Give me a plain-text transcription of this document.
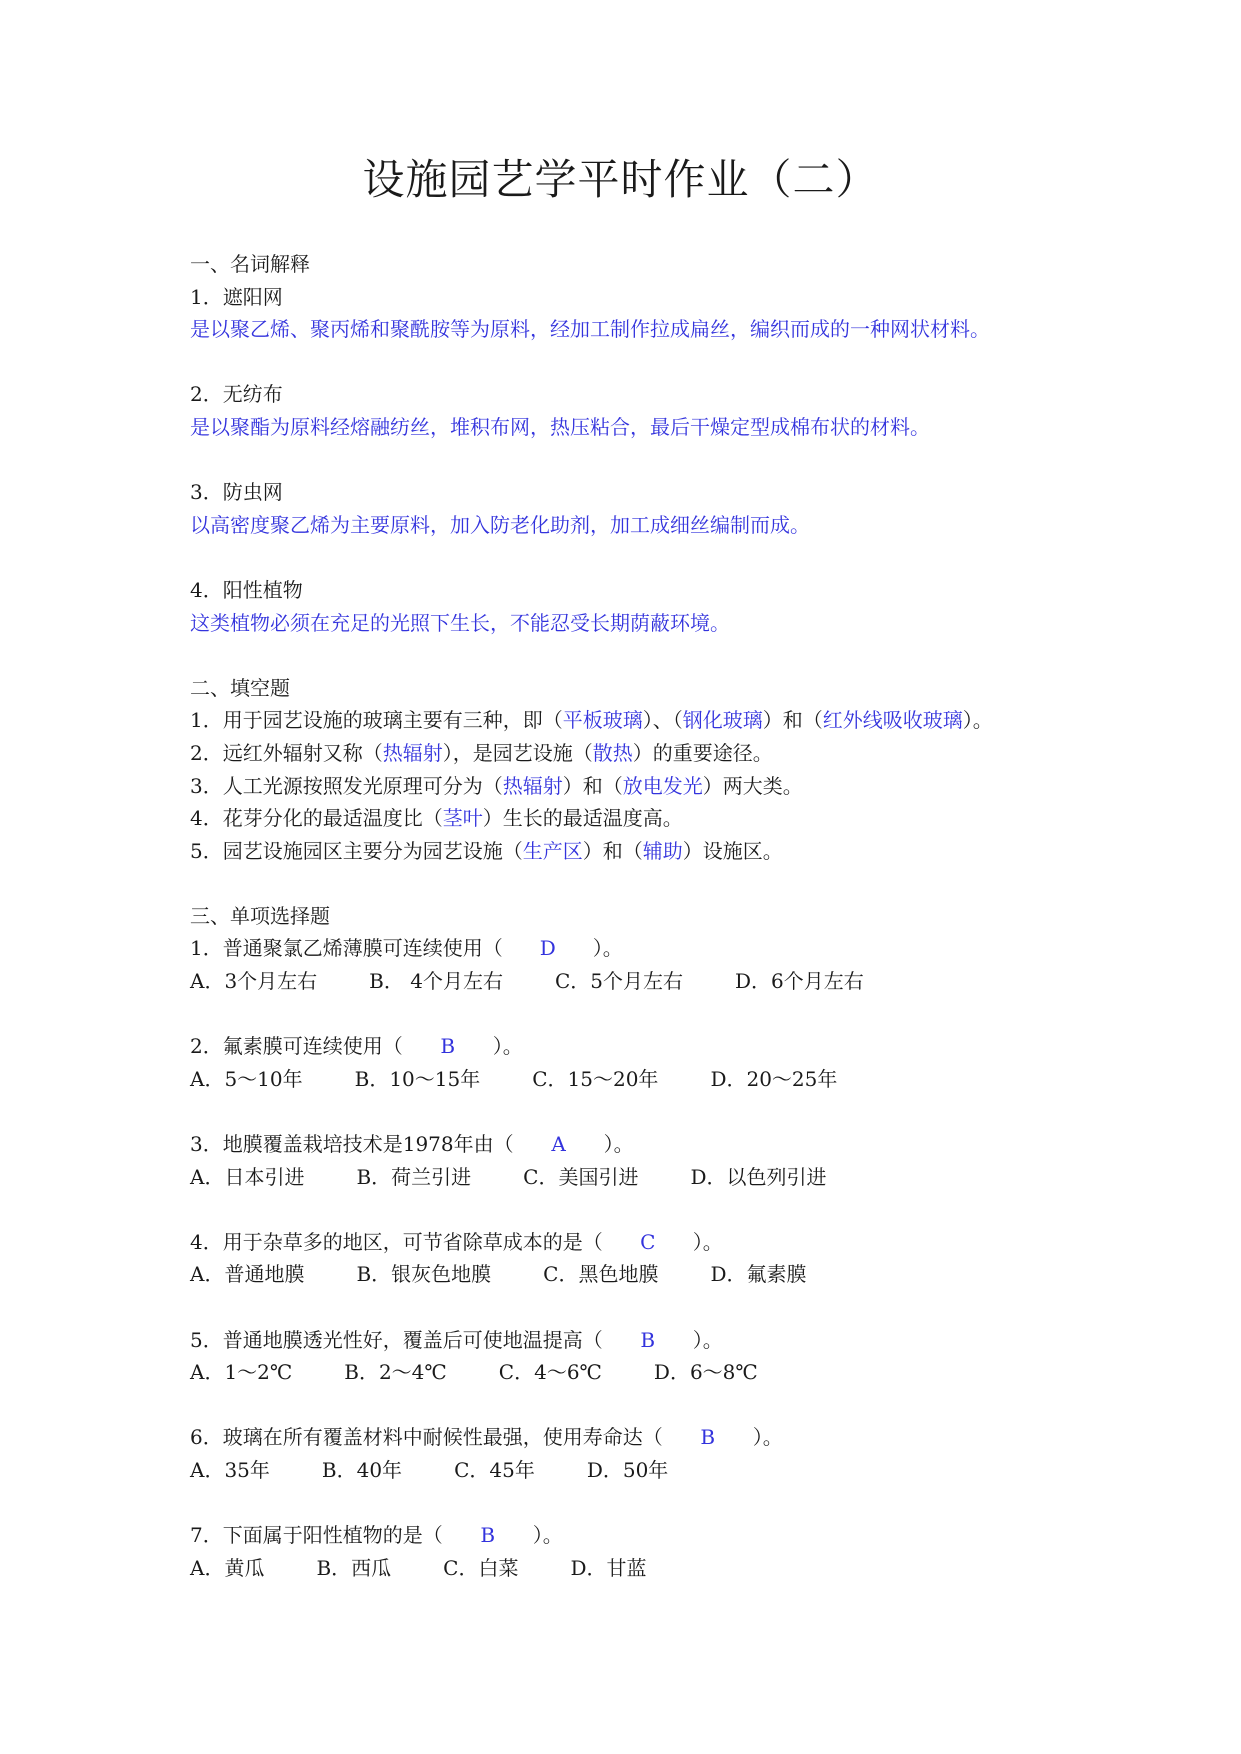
设施园艺学平时作业（二）
一、名词解释
1．遮阳网
是以聚乙烯、聚丙烯和聚酰胺等为原料，经加工制作拉成扁丝，编织而成的一种网状材料。
2．无纺布
是以聚酯为原料经熔融纺丝，堆积布网，热压粘合，最后干燥定型成棉布状的材料。
3．防虫网
以高密度聚乙烯为主要原料，加入防老化助剂，加工成细丝编制而成。
4．阳性植物
这类植物必须在充足的光照下生长，不能忍受长期荫蔽环境。
二、填空题
1．用于园艺设施的玻璃主要有三种，即（平板玻璃）、（钢化玻璃）和（红外线吸收玻璃）。
2．远红外辐射又称（热辐射），是园艺设施（散热）的重要途径。
3．人工光源按照发光原理可分为（热辐射）和（放电发光）两大类。
4．花芽分化的最适温度比（茎叶）生长的最适温度高。
5．园艺设施园区主要分为园艺设施（生产区）和（辅助）设施区。
三、单项选择题
1．普通聚氯乙烯薄膜可连续使用（ D ）。
A．3个月左右	B． 4个月左右	C．5个月左右	D．6个月左右
2．氟素膜可连续使用（ B ）。
A．5～10年	B．10～15年	C．15～20年	D．20～25年
3．地膜覆盖栽培技术是1978年由（ A ）。
A．日本引进	B．荷兰引进	C．美国引进	D．以色列引进
4．用于杂草多的地区，可节省除草成本的是（ C ）。
A．普通地膜	B．银灰色地膜	C．黑色地膜	D．氟素膜
5．普通地膜透光性好，覆盖后可使地温提高（ B ）。
A．1～2℃	B．2～4℃	C．4～6℃	D．6～8℃
6．玻璃在所有覆盖材料中耐候性最强，使用寿命达（ B ）。
A．35年	B．40年	C．45年	D．50年
7．下面属于阳性植物的是（ B ）。
A．黄瓜	B．西瓜	C．白菜	D．甘蓝
